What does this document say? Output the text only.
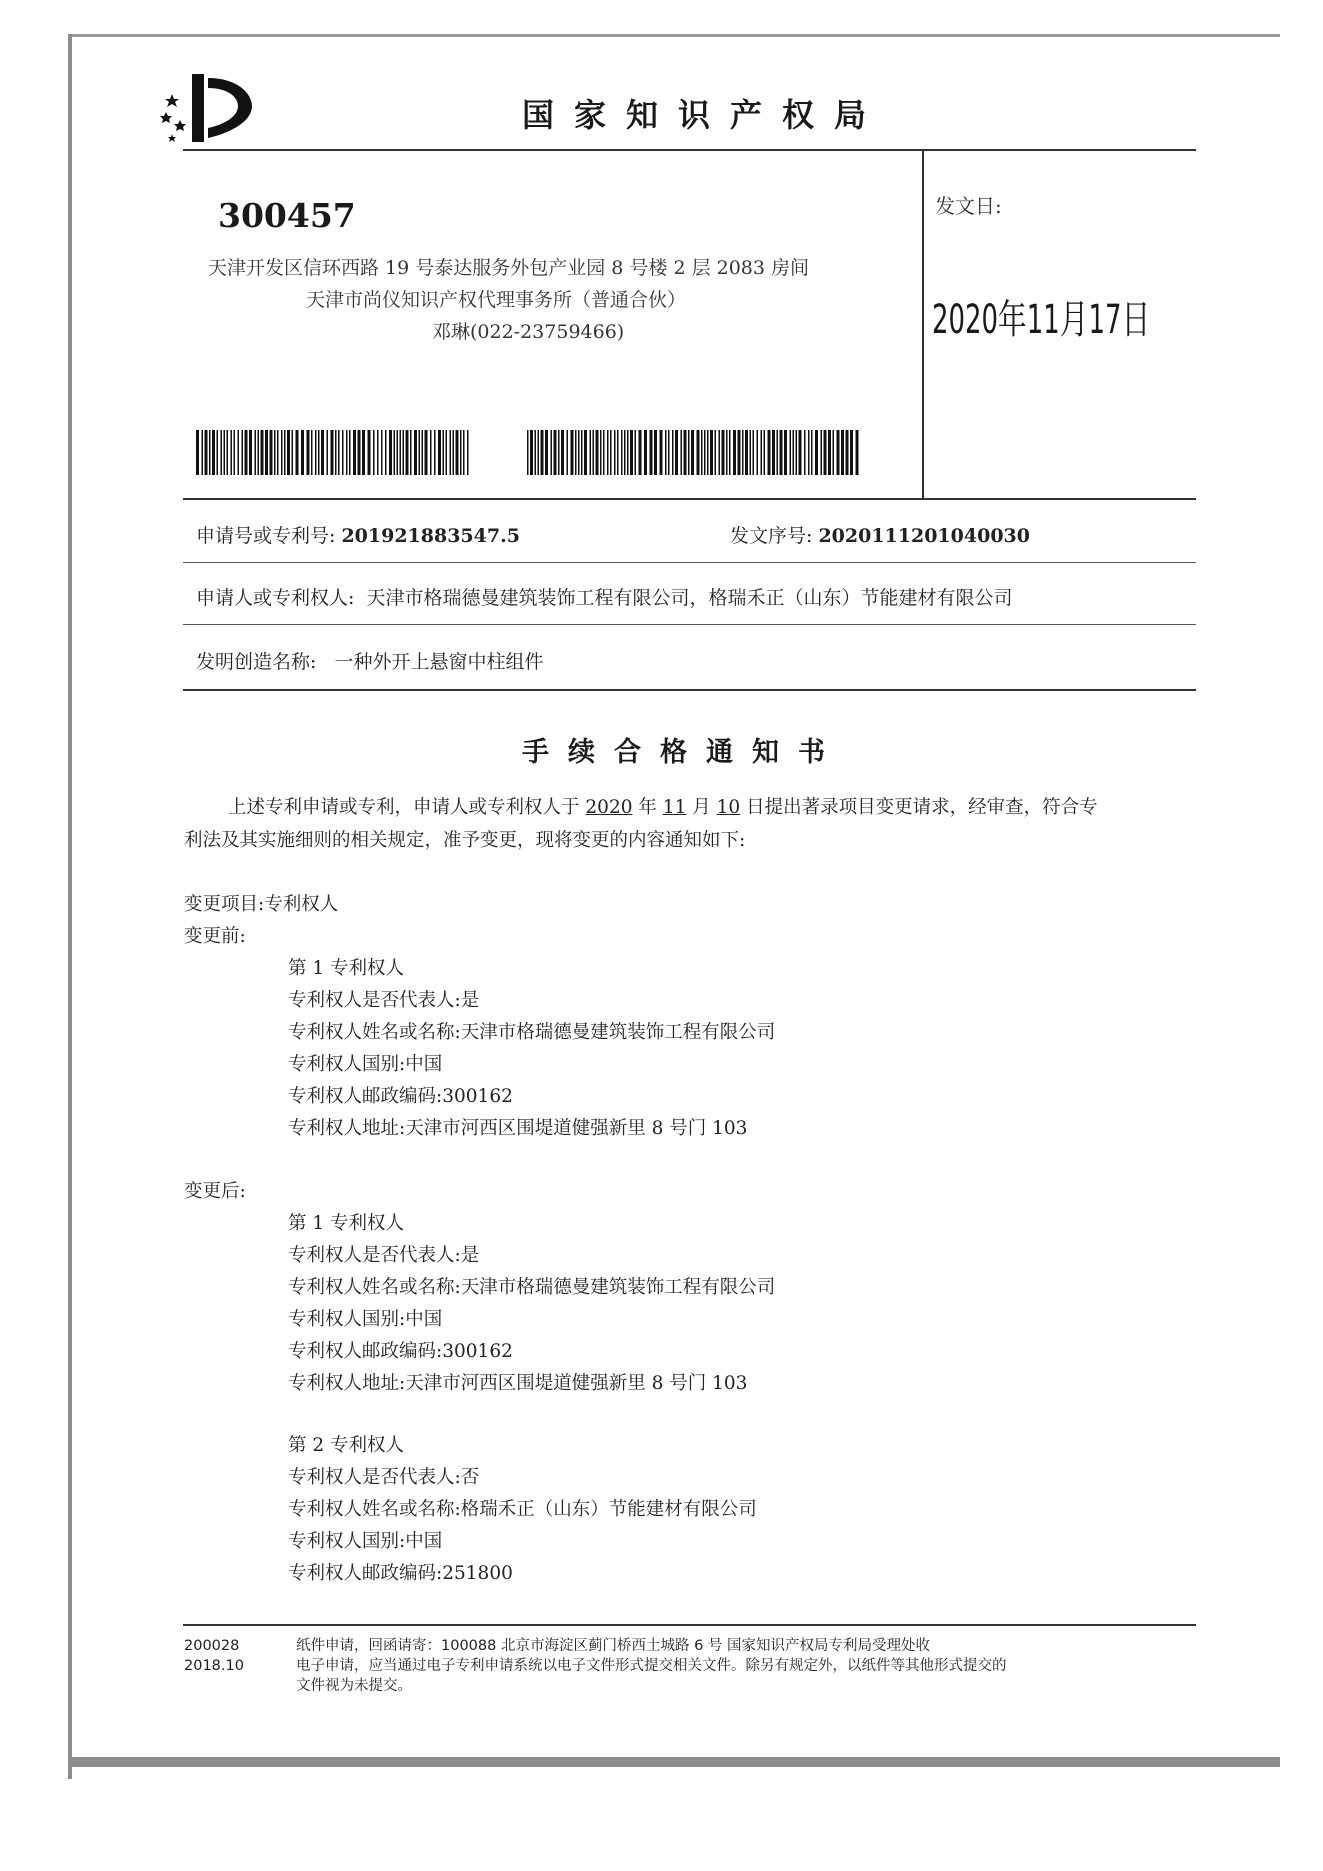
国家知识产权局
300457
天津开发区信环西路 19 号泰达服务外包产业园 8 号楼 2 层 2083 房间
天津市尚仪知识产权代理事务所（普通合伙）
邓琳(022-23759466)
发文日:
2020年11月17日
申请号或专利号: 201921883547.5	发文序号: 2020111201040030
申请人或专利权人: 天津市格瑞德曼建筑装饰工程有限公司，格瑞禾正（山东）节能建材有限公司
发明创造名称: 一种外开上悬窗中柱组件
手续合格通知书
上述专利申请或专利，申请人或专利权人于 2020 年 11 月 10 日提出著录项目变更请求，经审查，符合专
利法及其实施细则的相关规定，准予变更，现将变更的内容通知如下:
变更项目:专利权人
变更前:
第 1 专利权人
专利权人是否代表人:是
专利权人姓名或名称:天津市格瑞德曼建筑装饰工程有限公司
专利权人国别:中国
专利权人邮政编码:300162
专利权人地址:天津市河西区围堤道健强新里 8 号门 103
变更后:
第 1 专利权人
专利权人是否代表人:是
专利权人姓名或名称:天津市格瑞德曼建筑装饰工程有限公司
专利权人国别:中国
专利权人邮政编码:300162
专利权人地址:天津市河西区围堤道健强新里 8 号门 103
第 2 专利权人
专利权人是否代表人:否
专利权人姓名或名称:格瑞禾正（山东）节能建材有限公司
专利权人国别:中国
专利权人邮政编码:251800
200028
2018.10
纸件申请，回函请寄：100088 北京市海淀区蓟门桥西土城路 6 号 国家知识产权局专利局受理处收
电子申请，应当通过电子专利申请系统以电子文件形式提交相关文件。除另有规定外，以纸件等其他形式提交的
文件视为未提交。
